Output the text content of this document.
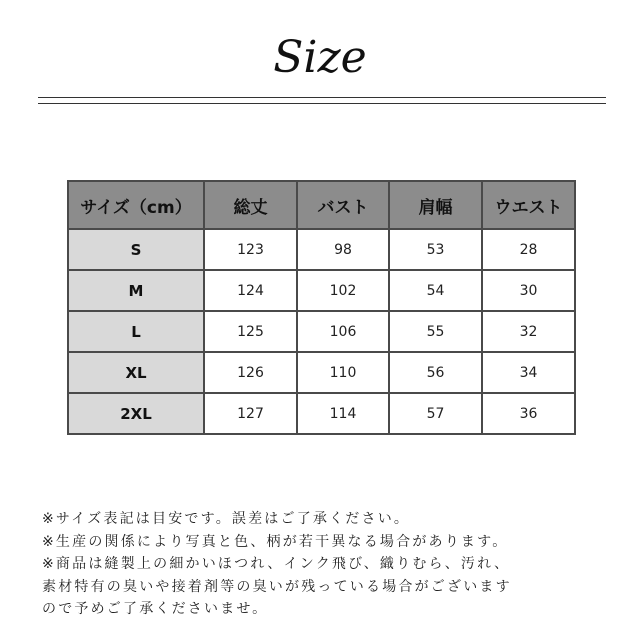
Size
サイズ（cm）	総丈	バスト	肩幅	ウエスト
S	123	98	53	28
M	124	102	54	30
L	125	106	55	32
XL	126	110	56	34
2XL	127	114	57	36
※サイズ表記は目安です。誤差はご了承ください。
※生産の関係により写真と色、柄が若干異なる場合があります。
※商品は縫製上の細かいほつれ、インク飛び、織りむら、汚れ、
素材特有の臭いや接着剤等の臭いが残っている場合がございます
ので予めご了承くださいませ。
